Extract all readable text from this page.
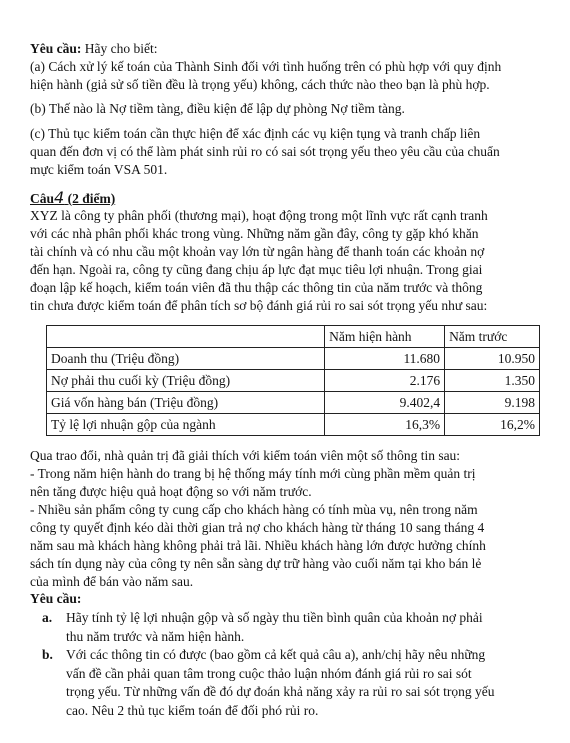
Yêu cầu: Hãy cho biết:
(a) Cách xử lý kế toán của Thành Sinh đối với tình huống trên có phù hợp với quy định
hiện hành (giả sử số tiền đều là trọng yếu) không, cách thức nào theo bạn là phù hợp.
(b) Thế nào là Nợ tiềm tàng, điều kiện để lập dự phòng Nợ tiềm tàng.
(c) Thủ tục kiểm toán cần thực hiện để xác định các vụ kiện tụng và tranh chấp liên
quan đến đơn vị có thể làm phát sinh rủi ro có sai sót trọng yếu theo yêu cầu của chuẩn
mực kiểm toán VSA 501.
Câu4 (2 điểm)
XYZ là công ty phân phối (thương mại), hoạt động trong một lĩnh vực rất cạnh tranh
với các nhà phân phối khác trong vùng. Những năm gần đây, công ty gặp khó khăn
tài chính và có nhu cầu một khoản vay lớn từ ngân hàng để thanh toán các khoản nợ
đến hạn. Ngoài ra, công ty cũng đang chịu áp lực đạt mục tiêu lợi nhuận. Trong giai
đoạn lập kế hoạch, kiểm toán viên đã thu thập các thông tin của năm trước và thông
tin chưa được kiểm toán để phân tích sơ bộ đánh giá rủi ro sai sót trọng yếu như sau:
	Năm hiện hành	Năm trước
Doanh thu (Triệu đồng)	11.680	10.950
Nợ phải thu cuối kỳ (Triệu đồng)	2.176	1.350
Giá vốn hàng bán (Triệu đồng)	9.402,4	9.198
Tỷ lệ lợi nhuận gộp của ngành	16,3%	16,2%
Qua trao đổi, nhà quản trị đã giải thích với kiểm toán viên một số thông tin sau:
- Trong năm hiện hành do trang bị hệ thống máy tính mới cùng phần mềm quản trị
nên tăng được hiệu quả hoạt động so với năm trước.
- Nhiều sản phẩm công ty cung cấp cho khách hàng có tính mùa vụ, nên trong năm
công ty quyết định kéo dài thời gian trả nợ cho khách hàng từ tháng 10 sang tháng 4
năm sau mà khách hàng không phải trả lãi. Nhiều khách hàng lớn được hưởng chính
sách tín dụng này của công ty nên sẵn sàng dự trữ hàng vào cuối năm tại kho bán lẻ
của mình để bán vào năm sau.
Yêu cầu:
a. Hãy tính tỷ lệ lợi nhuận gộp và số ngày thu tiền bình quân của khoản nợ phải
thu năm trước và năm hiện hành.
b. Với các thông tin có được (bao gồm cả kết quả câu a), anh/chị hãy nêu những
vấn đề cần phải quan tâm trong cuộc thảo luận nhóm đánh giá rủi ro sai sót
trọng yếu. Từ những vấn đề đó dự đoán khả năng xảy ra rủi ro sai sót trọng yếu
cao. Nêu 2 thủ tục kiểm toán để đối phó rủi ro.
